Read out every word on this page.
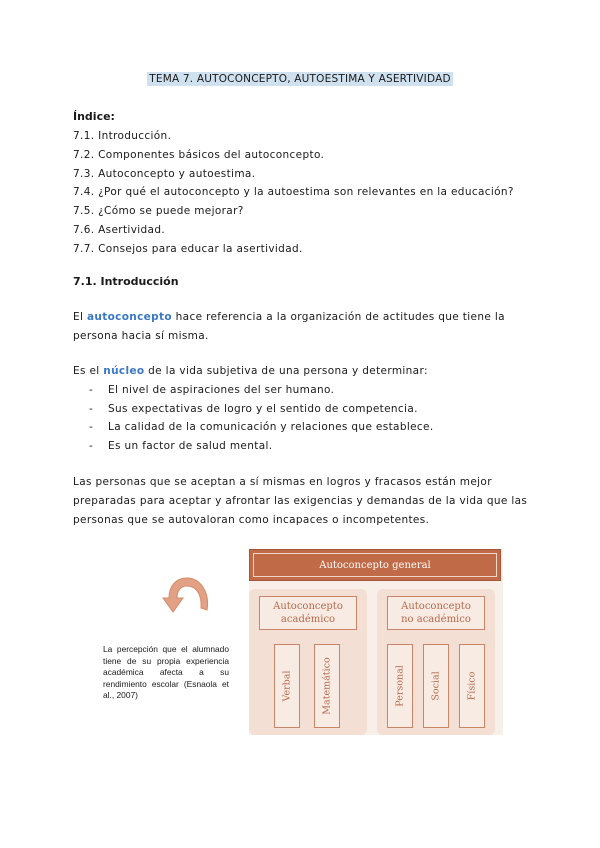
TEMA 7. AUTOCONCEPTO, AUTOESTIMA Y ASERTIVIDAD
Índice:
7.1. Introducción.
7.2. Componentes básicos del autoconcepto.
7.3. Autoconcepto y autoestima.
7.4. ¿Por qué el autoconcepto y la autoestima son relevantes en la educación?
7.5. ¿Cómo se puede mejorar?
7.6. Asertividad.
7.7. Consejos para educar la asertividad.
7.1. Introducción
El autoconcepto hace referencia a la organización de actitudes que tiene la persona hacia sí misma.
Es el núcleo de la vida subjetiva de una persona y determinar:
- El nivel de aspiraciones del ser humano.
- Sus expectativas de logro y el sentido de competencia.
- La calidad de la comunicación y relaciones que establece.
- Es un factor de salud mental.
Las personas que se aceptan a sí mismas en logros y fracasos están mejor preparadas para aceptar y afrontar las exigencias y demandas de la vida que las personas que se autovaloran como incapaces o incompetentes.
La percepción que el alumnado tiene de su propia experiencia académica afecta a su rendimiento escolar (Esnaola et al., 2007)
Autoconcepto general
Autoconcepto
académico
Verbal	Matemático
Autoconcepto
no académico
Personal	Social	Físico
